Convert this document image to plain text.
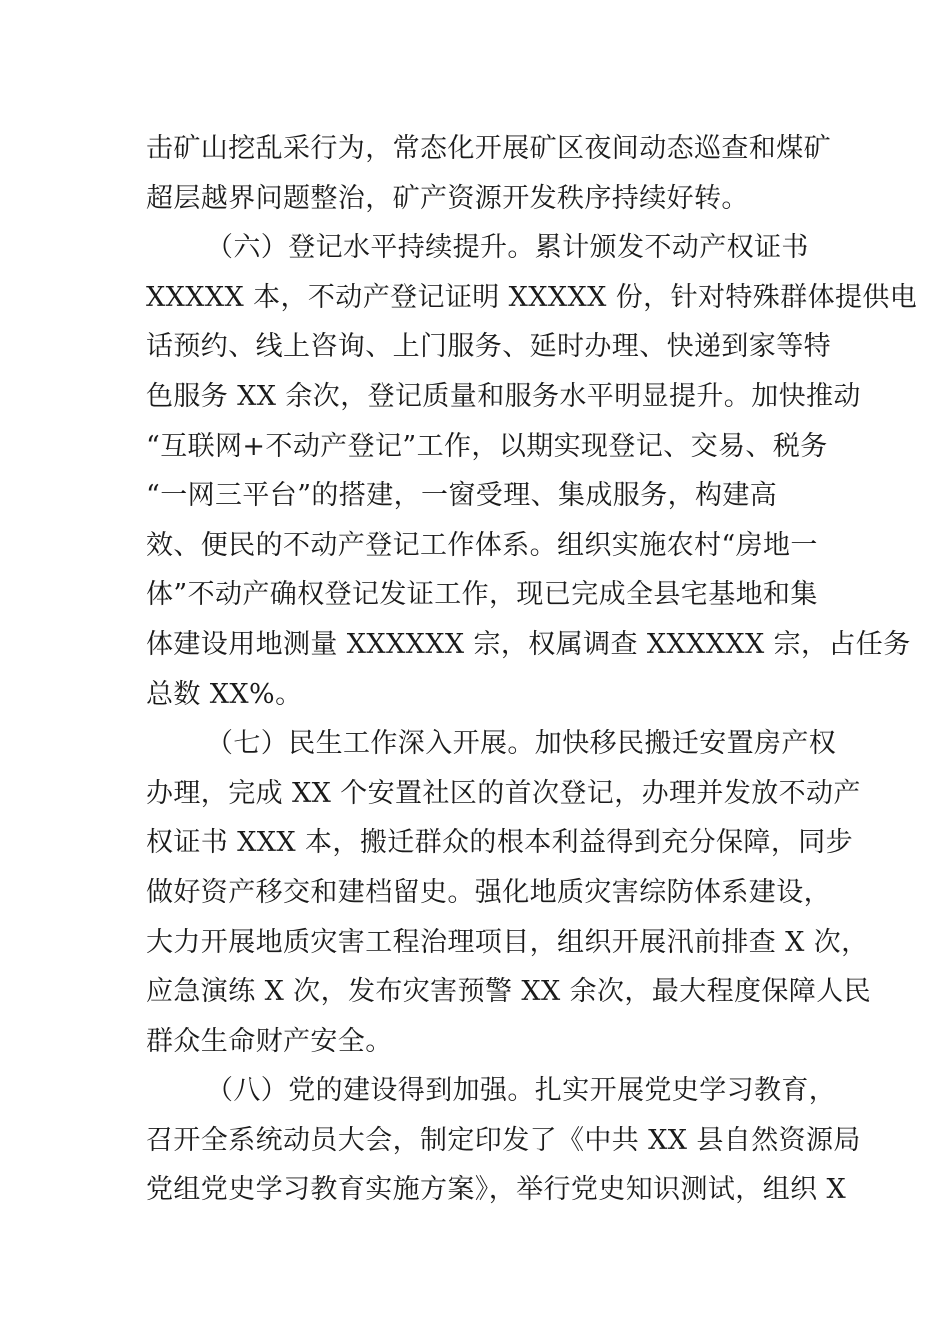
击矿山挖乱采行为，常态化开展矿区夜间动态巡查和煤矿
超层越界问题整治，矿产资源开发秩序持续好转。

（六）登记水平持续提升。累计颁发不动产权证书
XXXXX 本，不动产登记证明 XXXXX 份，针对特殊群体提供电
话预约、线上咨询、上门服务、延时办理、快递到家等特
色服务 XX 余次，登记质量和服务水平明显提升。加快推动
“互联网+不动产登记”工作，以期实现登记、交易、税务
“一网三平台”的搭建，一窗受理、集成服务，构建高
效、便民的不动产登记工作体系。组织实施农村“房地一
体”不动产确权登记发证工作，现已完成全县宅基地和集
体建设用地测量 XXXXXX 宗，权属调查 XXXXXX 宗，占任务
总数 XX%。

（七）民生工作深入开展。加快移民搬迁安置房产权
办理，完成 XX 个安置社区的首次登记，办理并发放不动产
权证书 XXX 本，搬迁群众的根本利益得到充分保障，同步
做好资产移交和建档留史。强化地质灾害综防体系建设，
大力开展地质灾害工程治理项目，组织开展汛前排查 X 次，
应急演练 X 次，发布灾害预警 XX 余次，最大程度保障人民
群众生命财产安全。

（八）党的建设得到加强。扎实开展党史学习教育，
召开全系统动员大会，制定印发了《中共 XX 县自然资源局
党组党史学习教育实施方案》，举行党史知识测试，组织 X
